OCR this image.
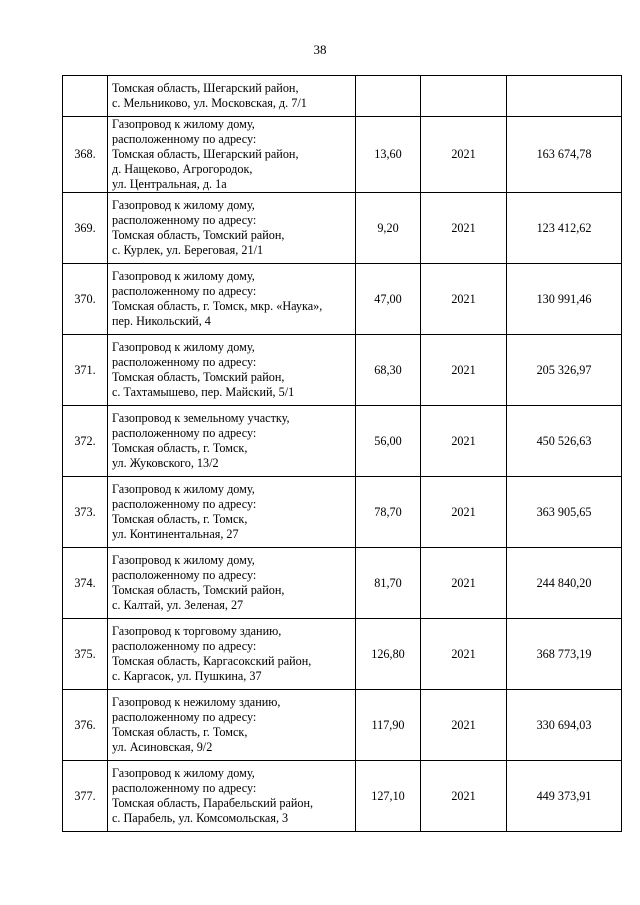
38

	Томская область, Шегарский район,
с. Мельниково, ул. Московская, д. 7/1			

368.	Газопровод к жилому дому,
расположенному по адресу:
Томская область, Шегарский район,
д. Нащеково, Агрогородок,
ул. Центральная, д. 1а	13,60	2021	163 674,78
369.	Газопровод к жилому дому,
расположенному по адресу:
Томская область, Томский район,
с. Курлек, ул. Береговая, 21/1	9,20	2021	123 412,62
370.	Газопровод к жилому дому,
расположенному по адресу:
Томская область, г. Томск, мкр. «Наука»,
пер. Никольский, 4	47,00	2021	130 991,46
371.	Газопровод к жилому дому,
расположенному по адресу:
Томская область, Томский район,
с. Тахтамышево, пер. Майский, 5/1	68,30	2021	205 326,97
372.	Газопровод к земельному участку,
расположенному по адресу:
Томская область, г. Томск,
ул. Жуковского, 13/2	56,00	2021	450 526,63
373.	Газопровод к жилому дому,
расположенному по адресу:
Томская область, г. Томск,
ул. Континентальная, 27	78,70	2021	363 905,65
374.	Газопровод к жилому дому,
расположенному по адресу:
Томская область, Томский район,
с. Калтай, ул. Зеленая, 27	81,70	2021	244 840,20
375.	Газопровод к торговому зданию,
расположенному по адресу:
Томская область, Каргасокский район,
с. Каргасок, ул. Пушкина, 37	126,80	2021	368 773,19
376.	Газопровод к нежилому зданию,
расположенному по адресу:
Томская область, г. Томск,
ул. Асиновская, 9/2	117,90	2021	330 694,03
377.	Газопровод к жилому дому,
расположенному по адресу:
Томская область, Парабельский район,
с. Парабель, ул. Комсомольская, 3	127,10	2021	449 373,91
